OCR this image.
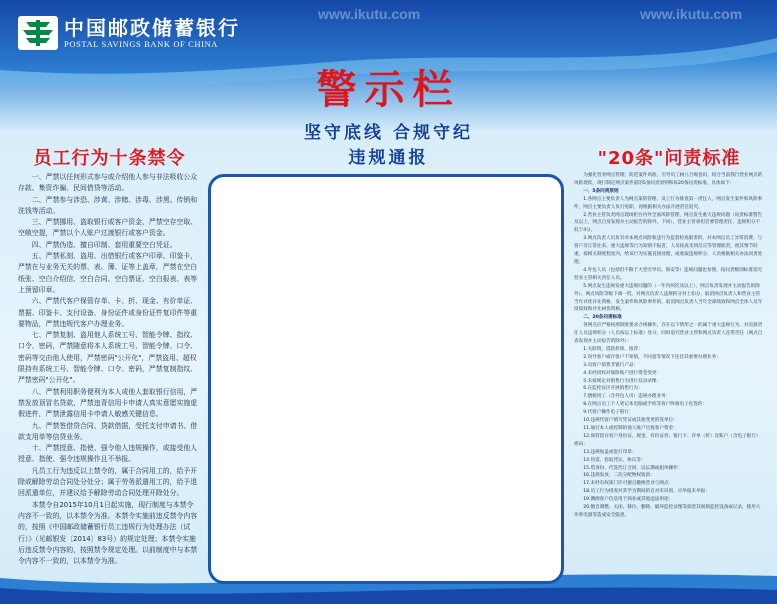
中国邮政储蓄银行
POSTAL SAVINGS BANK OF CHINA
www.ikutu.com	www.ikutu.com
警示栏
坚守底线 合规守纪
违规通报
员工行为十条禁令	"20条"问责标准

一、严禁以任何形式参与或介绍他人参与非法吸收公众存款、集资诈骗、民间借贷等活动。

二、严禁参与涉恐、涉黄、涉赌、涉毒、涉黑、传销和洗钱等活动。

三、严禁挪用、盗取银行或客户资金，严禁空存空取、空敞空提，严禁以个人账户过渡银行或客户资金。

四、严禁伪造、擅自印制、套用重要空白凭证。

五、严禁私刻、盗用、出借银行或客户印章、印鉴卡，严禁在与业务无关的票、表、簿、证等上盖章，严禁在空白纸张、空白介绍信、空白合同、空白票证、空白报表、表等上预留印章。

六、严禁代客户保管存单、卡、折、现金、有价单证、票据、印鉴卡、支付设备、身份证件或身份证件复印件等重要物品，严禁违规代客户办理业务。

七、严禁复制、盗用他人系统工号、智能令牌、指纹、口令、密码，严禁随意将本人系统工号、智能令牌、口令、密码等交由他人使用，严禁密码"公开化"，严禁盗用、超权限持有系统工号、智能令牌、口令、密码，严禁复制指纹、严禁密码"公开化"。

八、严禁利用职务便利为本人或他人套取银行信用，严禁发放顶冒名贷款，严禁违背信用卡申请人真实意愿实施虚假进件，严禁泄露信用卡申请人敏感关键信息。

九、严禁签借贷合同、贷款借据，受托支付申请书、借款支用单等信贷业务。

十、严禁授意、指使、强令他人违规操作，或接受他人授意、指使、强令违规操作且不举报。

凡员工行为违反以上禁令的，属于合同用工的，给予开除或解除劳动合同处分处分；属于劳务派遣用工的，给予退回派遣单位，并建议给予解除劳动合同处理开除处分。

本禁令自2015年10月1日起实施，现行制度与本禁令内容不一致的，以本禁令为准。本禁令实施前违反禁令内容的，按照《中国邮政储蓄银行员工违规行为处理办法（试行）》（见邮银发〔2014〕83号）的规定处理；本禁令实施后违反禁令内容的，按照禁令规定处理。以前制度中与本禁令内容不一致的，以本禁令为准。

为强化营业网点管理，防范案件风险，引导员工树立合规意识，结合当前我行营业网点的风险现状，现行制定网点案件前的5条问责原则和每20条问责标准，具体如下：

一、5条问责原则

1.各网点主要负责人为网点案防管理、员工行为排查第一责任人，网点发生案件和风险事件，网点主要负责人负行免职，再根据相关办法开展责任追究。

2.营业主管负责网点现场柜台内外全面风险管理，网点发生重大违规问题（问责标准警告及以上，网点自身发现并主动报告的除外，下同），营业主管承担首要管理责任，违规积分不低于4分。

3.网点负责人员负有对本网点风险和违行为监督检查职责的，对本网点员工异常消费、与客户非正常往来、重大违规等行为知情不报者，人员按查未到反应等管理职责，视其情节轻重，按相关制度程度内，给该行为实施直接处理，或收取违规积分，人员根据相关办法问责处理。

4.外包人员（包括但不限于大堂引导员、保安等）违规问题也参照，按问责级别标准追究营业主管相关责任人员。

5.网点发生违规发重大违规问题的（一年内两次及以上），网点负责发现并主动报告的除外）。网点风险等级下调一档，对网点负责人违规积分对上扣分，取消网点负责人和营业主管当年评优评先资格，发生案件和风险事件的，取消网点负责人当年全部绩效和网点全体人员年度绩效和评先树优资格。

二、20条问责标准

各网点应严格按照制度要求合规操作，存在以下情形之一的属于重大违规行为，对直接责任人员违规积分（人员按以上标准）处分，同时追究营业主管和网点负责人连带责任（网点自查发现并主动报告的除外）：

1.关联资、借款担保、推荐：

2.误导客户或存客户不知情，不同意等情况下连挂其重要办理业务：

3.向客户销售非银行产品：

4.未经授权对保险账户进行资金变更：

5.未按规定对销售行为进行双录录像：

6.在监控盲区开展销售行为：

7.擅使用工（含外包人员）违规办理业务：

8.在网点员工个人笔记本电脑或手机等客户终端电子化签约：

9.代客户操作电子银行：

10.违规代客户填写凭证或其他变更的签单位：

11.通过本人或控制的他人账户过渡客户资金：

12.保管留存客户身份证、现金、有价证券、银行卡、存单（折）及账户（含电子银行）密码：

13.违规加盖或套打印章：

14.伪造、套取凭证、协议等：

15.借身份、代签代订合同，以长期或租单操作：

16.违规发放、二次分配物权收款：

17.未经有权部门许可擅自撤换营业与网点：

18.员工行为排查对其学为期间的自对未识别、应举报未举报：

19.溯源客户信息用于商业或其他违法用途：

20.擅自调整、关闭、移位、删除、破坏监控录像等损害其视频监控设备或记录，使用大功率电器等造成安全隐患。
